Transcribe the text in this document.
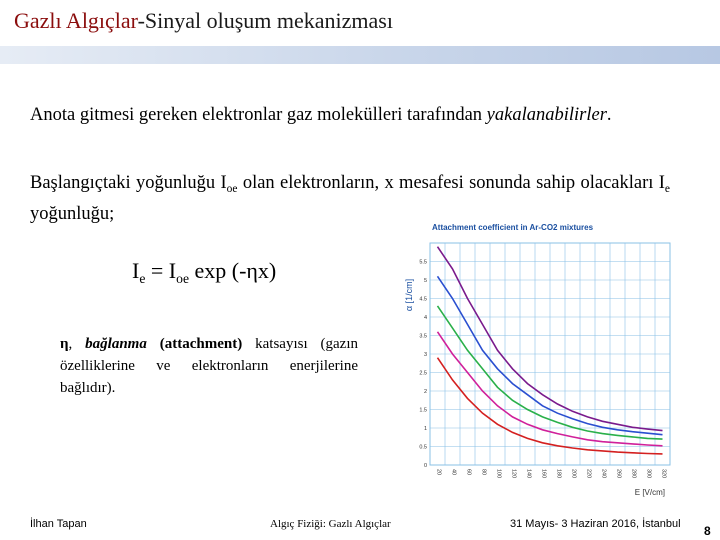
Gazlı Algıçlar-Sinyal oluşum mekanizması
Anota gitmesi gereken elektronlar gaz molekülleri tarafından yakalanabilirler.
Başlangıçtaki yoğunluğu $I_{oe}$ olan elektronların, x mesafesi sonunda sahip olacakları $I_e$ yoğunluğu;
$I_e = I_{oe}$ exp (-ηx)
η, bağlanma (attachment) katsayısı (gazın özelliklerine ve elektronların enerjilerine bağlıdır).
0
0.5
1
1.5
2
2.5
3
3.5
4
4.5
5
5.5
20 40 60 80 100 120 140 160 180 200 220 240 260 280 300 320
Attachment coefficient in Ar-CO2 mixtures
α [1/cm]
E [V/cm]
İlhan Tapan	Algıç Fiziği: Gazlı Algıçlar	31 Mayıs- 3 Haziran 2016, İstanbul 8
